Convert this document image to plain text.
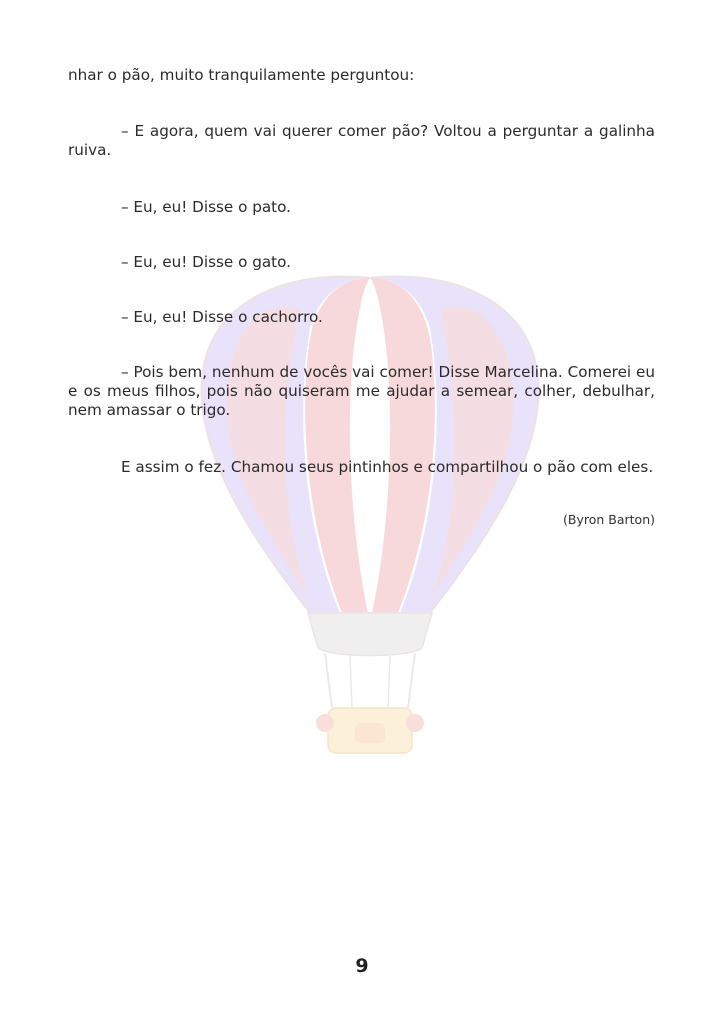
nhar o pão, muito tranquilamente perguntou:

– E agora, quem vai querer comer pão? Voltou a perguntar a galinha ruiva.

– Eu, eu! Disse o pato.

– Eu, eu! Disse o gato.

– Eu, eu! Disse o cachorro.

– Pois bem, nenhum de vocês vai comer! Disse Marcelina. Comerei eu e os meus filhos, pois não quiseram me ajudar a semear, colher, debulhar, nem amassar o trigo.

E assim o fez. Chamou seus pintinhos e compartilhou o pão com eles.

(Byron Barton)
9
